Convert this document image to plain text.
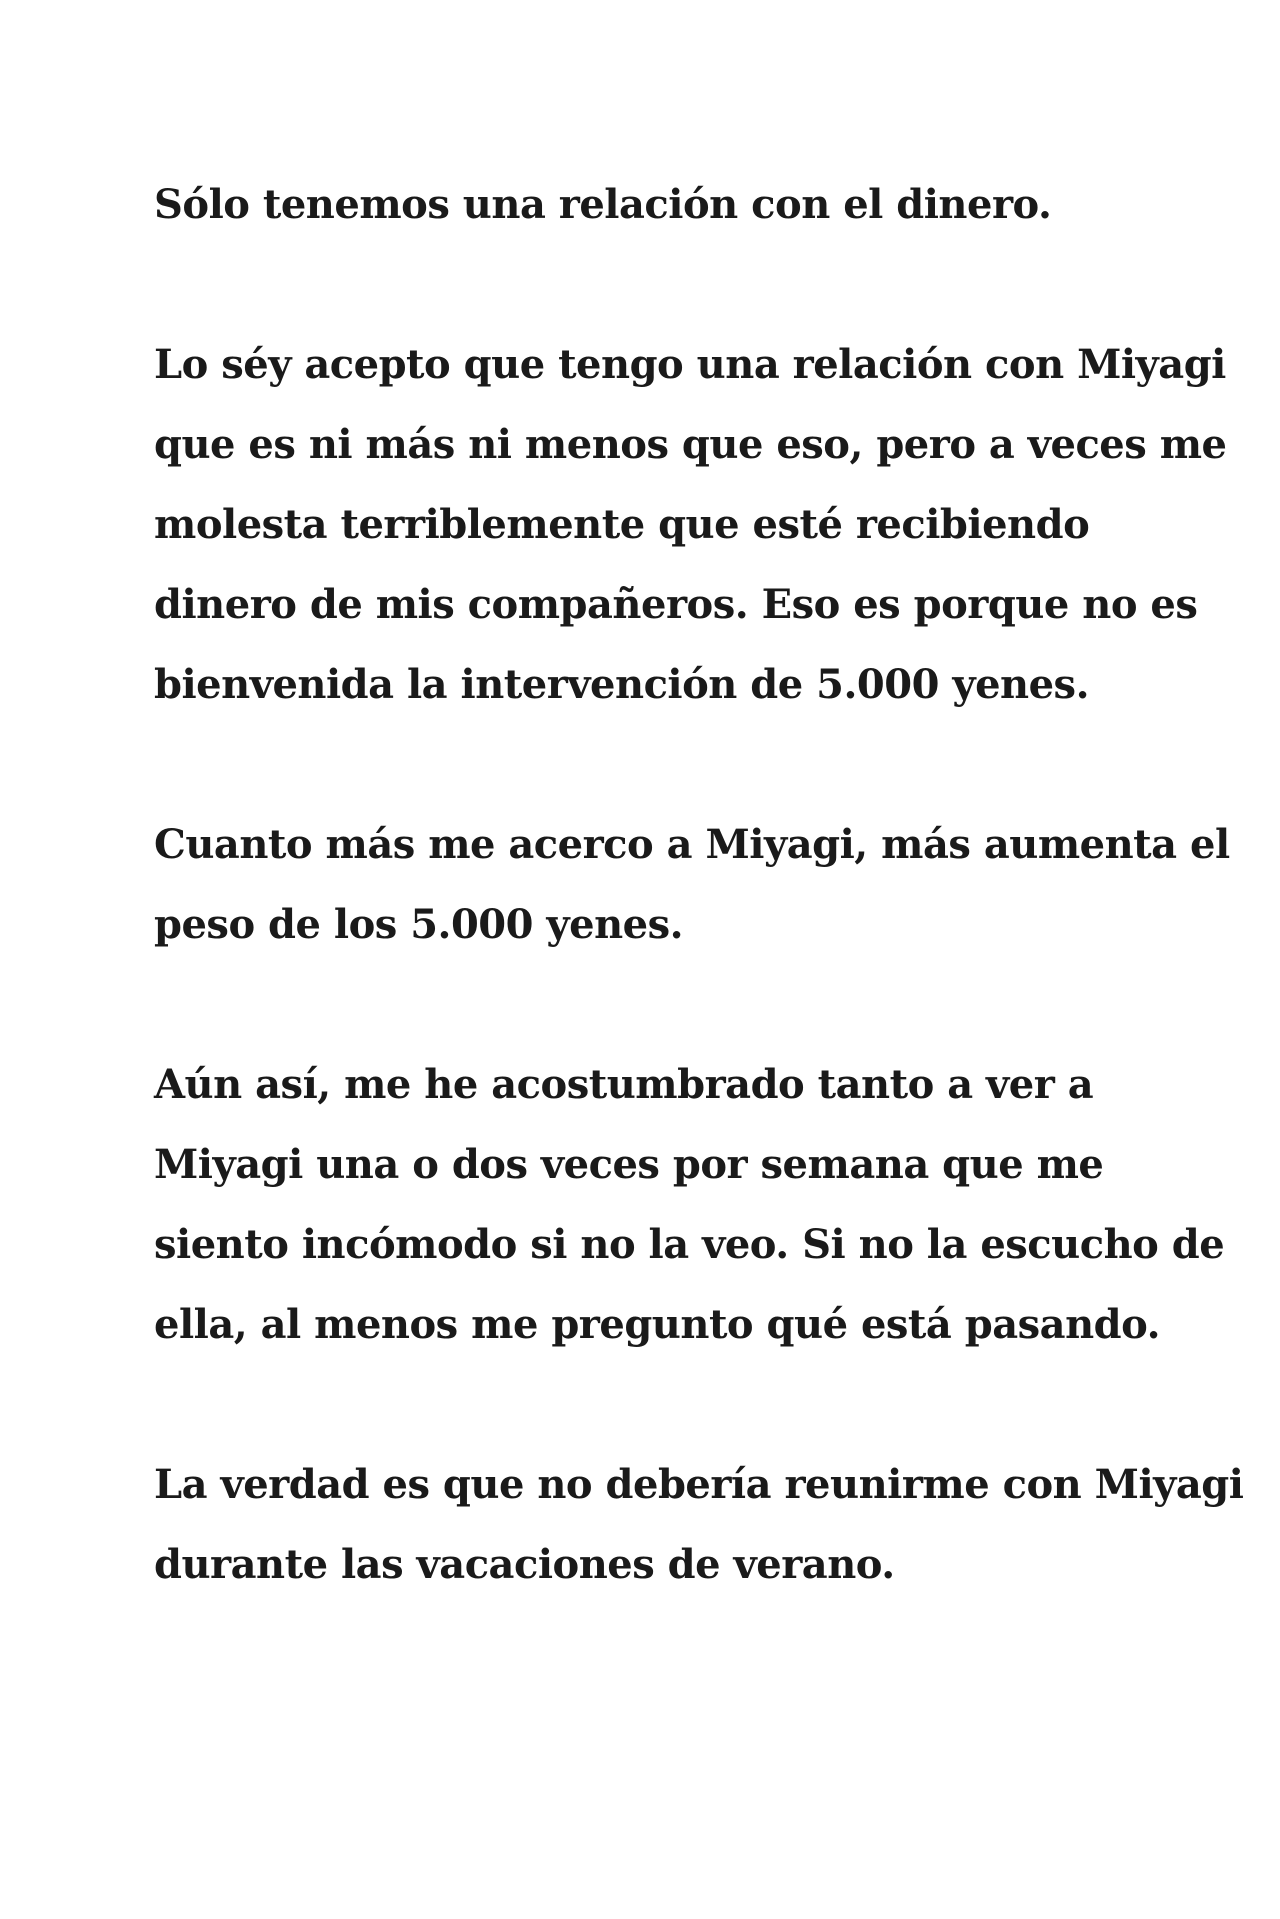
Sólo tenemos una relación con el dinero.

Lo séy acepto que tengo una relación con Miyagi
que es ni más ni menos que eso, pero a veces me
molesta terriblemente que esté recibiendo
dinero de mis compañeros. Eso es porque no es
bienvenida la intervención de 5.000 yenes.

Cuanto más me acerco a Miyagi, más aumenta el
peso de los 5.000 yenes.

Aún así, me he acostumbrado tanto a ver a
Miyagi una o dos veces por semana que me
siento incómodo si no la veo. Si no la escucho de
ella, al menos me pregunto qué está pasando.

La verdad es que no debería reunirme con Miyagi
durante las vacaciones de verano.
